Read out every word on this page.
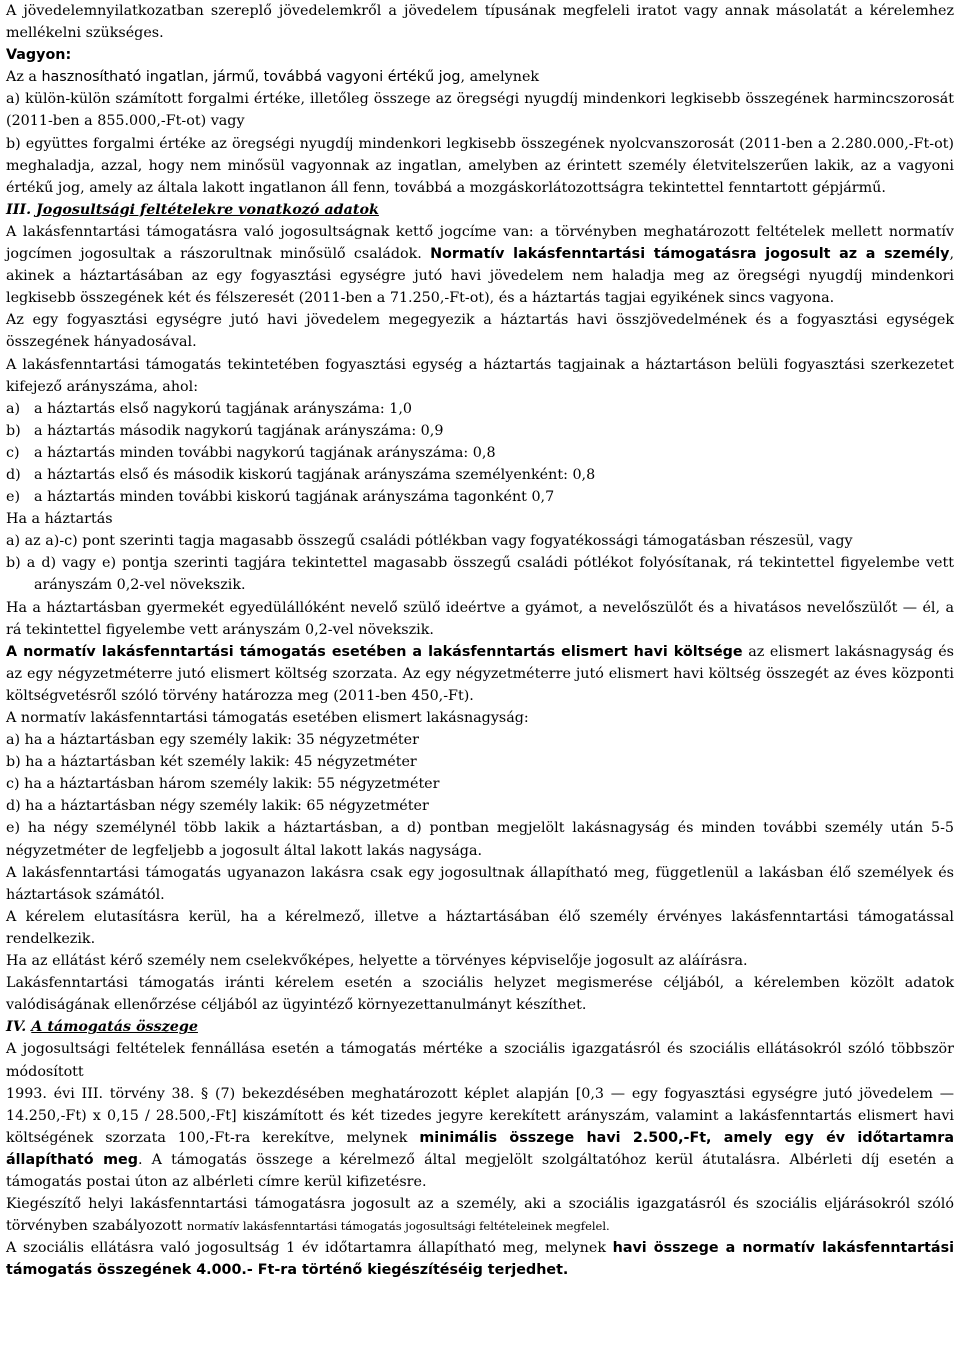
A jövedelemnyilatkozatban szereplő jövedelemkről a jövedelem típusának megfeleli iratot vagy annak másolatát a kérelemhez mellékelni szükséges.

Vagyon:

Az a hasznosítható ingatlan, jármű, továbbá vagyoni értékű jog, amelynek

a) külön-külön számított forgalmi értéke, illetőleg összege az öregségi nyugdíj mindenkori legkisebb összegének harmincszorosát (2011-ben a 855.000,-Ft-ot) vagy

b) együttes forgalmi értéke az öregségi nyugdíj mindenkori legkisebb összegének nyolcvanszorosát (2011-ben a 2.280.000,-Ft-ot) meghaladja, azzal, hogy nem minősül vagyonnak az ingatlan, amelyben az érintett személy életvitelszerűen lakik, az a vagyoni értékű jog, amely az általa lakott ingatlanon áll fenn, továbbá a mozgáskorlátozottságra tekintettel fenntartott gépjármű.

III. Jogosultsági feltételekre vonatkozó adatok

A lakásfenntartási támogatásra való jogosultságnak kettő jogcíme van: a törvényben meghatározott feltételek mellett normatív jogcímen jogosultak a rászorultnak minősülő családok. Normatív lakásfenntartási támogatásra jogosult az a személy, akinek a háztartásában az egy fogyasztási egységre jutó havi jövedelem nem haladja meg az öregségi nyugdíj mindenkori legkisebb összegének két és félszeresét (2011-ben a 71.250,-Ft-ot), és a háztartás tagjai egyikének sincs vagyona.

Az egy fogyasztási egységre jutó havi jövedelem megegyezik a háztartás havi összjövedelmének és a fogyasztási egységek összegének hányadosával.

A lakásfenntartási támogatás tekintetében fogyasztási egység a háztartás tagjainak a háztartáson belüli fogyasztási szerkezetet kifejező arányszáma, ahol:

a) a háztartás első nagykorú tagjának arányszáma: 1,0

b) a háztartás második nagykorú tagjának arányszáma: 0,9

c) a háztartás minden további nagykorú tagjának arányszáma: 0,8

d) a háztartás első és második kiskorú tagjának arányszáma személyenként: 0,8

e) a háztartás minden további kiskorú tagjának arányszáma tagonként 0,7

Ha a háztartás

a) az a)-c) pont szerinti tagja magasabb összegű családi pótlékban vagy fogyatékossági támogatásban részesül, vagy

b) a d) vagy e) pontja szerinti tagjára tekintettel magasabb összegű családi pótlékot folyósítanak, rá tekintettel figyelembe vett arányszám 0,2-vel növekszik.

Ha a háztartásban gyermekét egyedülállóként nevelő szülő ideértve a gyámot, a nevelőszülőt és a hivatásos nevelőszülőt — él, a rá tekintettel figyelembe vett arányszám 0,2-vel növekszik.

A normatív lakásfenntartási támogatás esetében a lakásfenntartás elismert havi költsége az elismert lakásnagyság és az egy négyzetméterre jutó elismert költség szorzata. Az egy négyzetméterre jutó elismert havi költség összegét az éves központi költségvetésről szóló törvény határozza meg (2011-ben 450,-Ft).

A normatív lakásfenntartási támogatás esetében elismert lakásnagyság:

a) ha a háztartásban egy személy lakik: 35 négyzetméter

b) ha a háztartásban két személy lakik: 45 négyzetméter

c) ha a háztartásban három személy lakik: 55 négyzetméter

d) ha a háztartásban négy személy lakik: 65 négyzetméter

e) ha négy személynél több lakik a háztartásban, a d) pontban megjelölt lakásnagyság és minden további személy után 5-5 négyzetméter de legfeljebb a jogosult által lakott lakás nagysága.

A lakásfenntartási támogatás ugyanazon lakásra csak egy jogosultnak állapítható meg, függetlenül a lakásban élő személyek és háztartások számától.

A kérelem elutasításra kerül, ha a kérelmező, illetve a háztartásában élő személy érvényes lakásfenntartási támogatással rendelkezik.

Ha az ellátást kérő személy nem cselekvőképes, helyette a törvényes képviselője jogosult az aláírásra.

Lakásfenntartási támogatás iránti kérelem esetén a szociális helyzet megismerése céljából, a kérelemben közölt adatok valódiságának ellenőrzése céljából az ügyintéző környezettanulmányt készíthet.

IV. A támogatás összege

A jogosultsági feltételek fennállása esetén a támogatás mértéke a szociális igazgatásról és szociális ellátásokról szóló többször módosított

1993. évi III. törvény 38. § (7) bekezdésében meghatározott képlet alapján [0,3 — egy fogyasztási egységre jutó jövedelem — 14.250,-Ft) x 0,15 / 28.500,-Ft] kiszámított és két tizedes jegyre kerekített arányszám, valamint a lakásfenntartás elismert havi költségének szorzata 100,-Ft-ra kerekítve, melynek minimális összege havi 2.500,-Ft, amely egy év időtartamra állapítható meg. A támogatás összege a kérelmező által megjelölt szolgáltatóhoz kerül átutalásra. Albérleti díj esetén a támogatás postai úton az albérleti címre kerül kifizetésre.

Kiegészítő helyi lakásfenntartási támogatásra jogosult az a személy, aki a szociális igazgatásról és szociális eljárásokról szóló törvényben szabályozott normatív lakásfenntartási támogatás jogosultsági feltételeinek megfelel.

A szociális ellátásra való jogosultság 1 év időtartamra állapítható meg, melynek havi összege a normatív lakásfenntartási támogatás összegének 4.000.- Ft-ra történő kiegészítéséig terjedhet.
